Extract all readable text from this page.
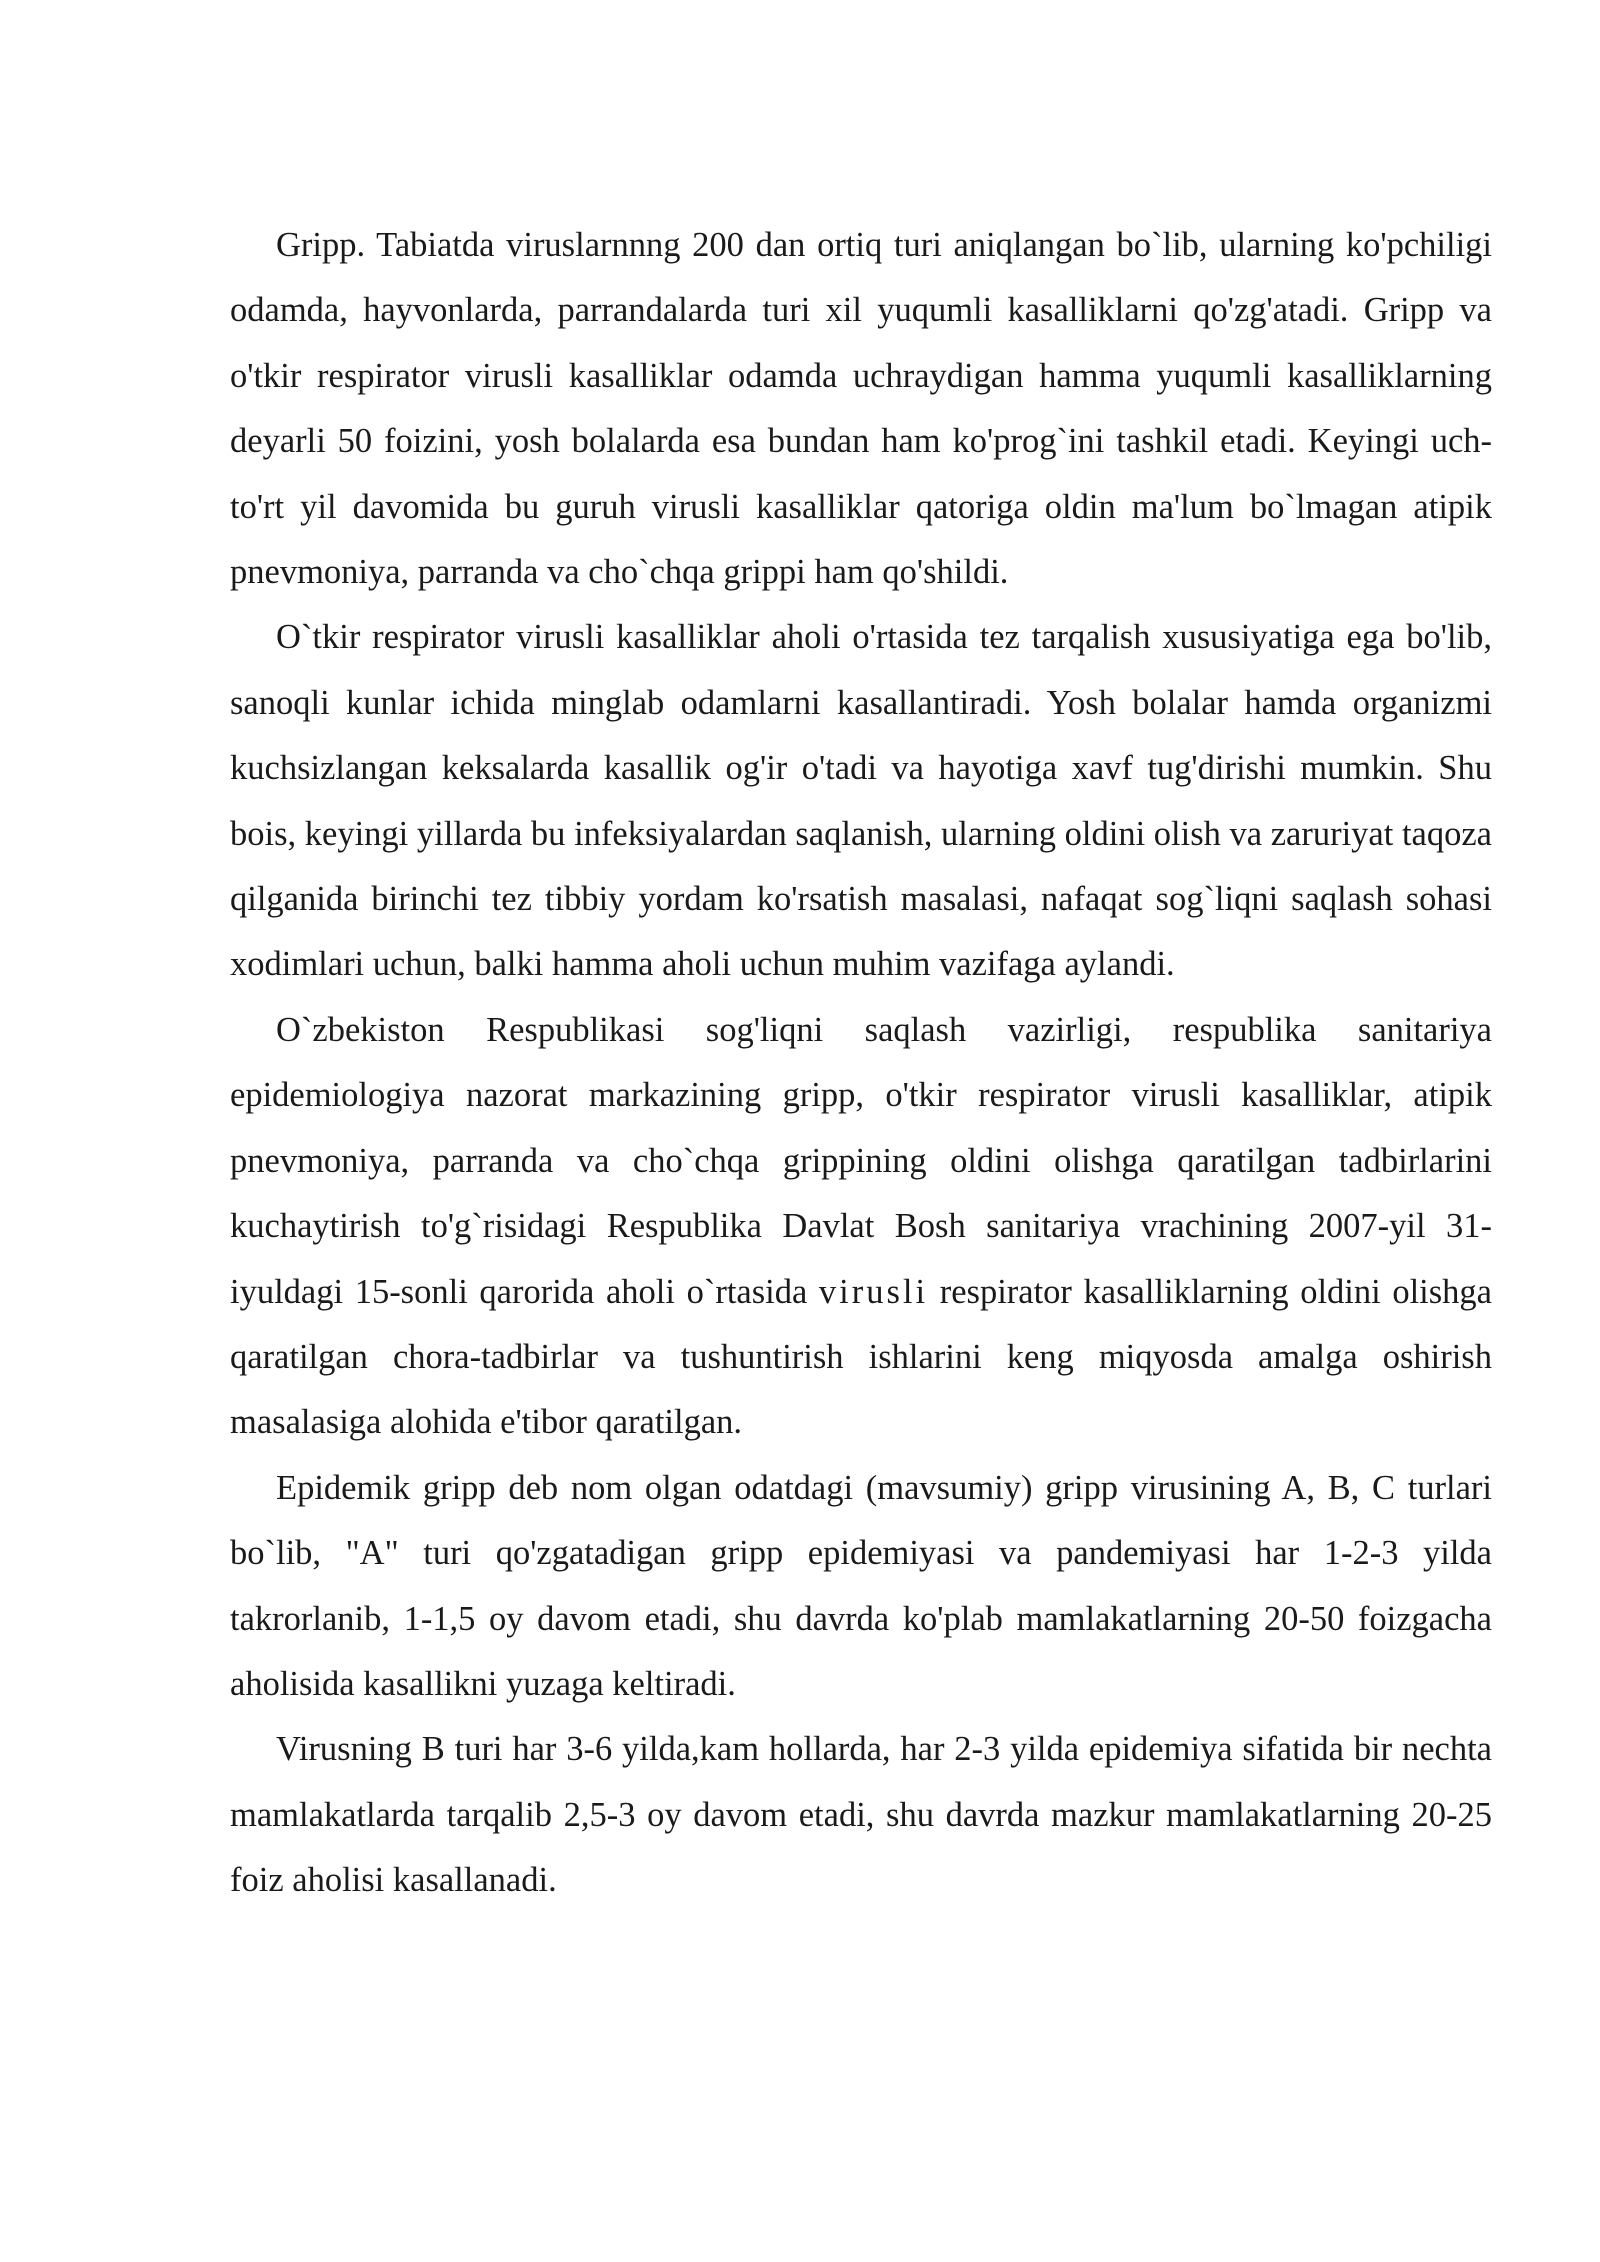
Gripp. Tabiatda viruslarnnng 200 dan ortiq turi aniqlangan bo`lib, ularning ko'pchiligi odamda, hayvonlarda, parrandalarda turi xil yuqumli kasalliklarni qo'zg'atadi. Gripp va o'tkir respirator virusli kasalliklar odamda uchraydigan hamma yuqumli kasalliklarning deyarli 50 foizini, yosh bolalarda esa bundan ham ko'prog`ini tashkil etadi. Keyingi uch-to'rt yil davomida bu guruh virusli kasalliklar qatoriga oldin ma'lum bo`lmagan atipik pnevmoniya, parranda va cho`chqa grippi ham qo'shildi.

O`tkir respirator virusli kasalliklar aholi o'rtasida tez tarqalish xususiyatiga ega bo'lib, sanoqli kunlar ichida minglab odamlarni kasallantiradi. Yosh bolalar hamda organizmi kuchsizlangan keksalarda kasallik og'ir o'tadi va hayotiga xavf tug'dirishi mumkin. Shu bois, keyingi yillarda bu infeksiyalardan saqlanish, ularning oldini olish va zaruriyat taqoza qilganida birinchi tez tibbiy yordam ko'rsatish masalasi, nafaqat sog`liqni saqlash sohasi xodimlari uchun, balki hamma aholi uchun muhim vazifaga aylandi.

O`zbekiston Respublikasi sog'liqni saqlash vazirligi, respublika sanitariya epidemiologiya nazorat markazining gripp, o'tkir respirator virusli kasalliklar, atipik pnevmoniya, parranda va cho`chqa grippining oldini olishga qaratilgan tadbirlarini kuchaytirish to'g`risidagi Respublika Davlat Bosh sanitariya vrachining 2007-yil 31-iyuldagi 15-sonli qarorida aholi o`rtasida virusli respirator kasalliklarning oldini olishga qaratilgan chora-tadbirlar va tushuntirish ishlarini keng miqyosda amalga oshirish masalasiga alohida e'tibor qaratilgan.

Epidemik gripp deb nom olgan odatdagi (mavsumiy) gripp virusining A, B, C turlari bo`lib, "A" turi qo'zgatadigan gripp epidemiyasi va pandemiyasi har 1-2-3 yilda takrorlanib, 1-1,5 oy davom etadi, shu davrda ko'plab mamlakatlarning 20-50 foizgacha aholisida kasallikni yuzaga keltiradi.

Virusning B turi har 3-6 yilda,kam hollarda, har 2-3 yilda epidemiya sifatida bir nechta mamlakatlarda tarqalib 2,5-3 oy davom etadi, shu davrda mazkur mamlakatlarning 20-25 foiz aholisi kasallanadi.
